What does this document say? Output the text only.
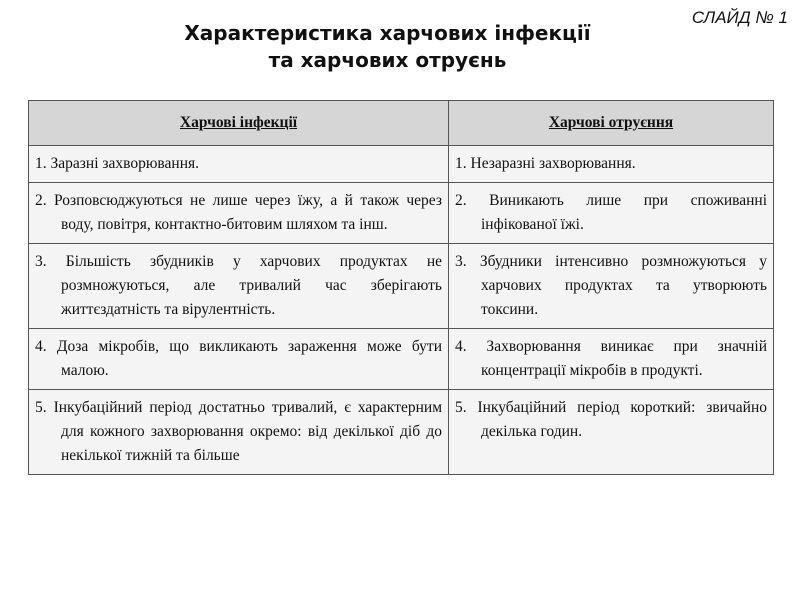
СЛАЙД № 1
Характеристика харчових інфекції
та харчових отруєнь
Харчові інфекції	Харчові отруєння

1. Заразні захворювання.	1. Незаразні захворювання.

2. Розповсюджуються не лише через їжу, а й також через воду, повітря, контактно-битовим шляхом та інш.	2. Виникають лише при споживанні інфікованої їжі.

3. Більшість збудників у харчових продуктах не розмножуються, але тривалий час зберігають життєздатність та вірулентність.	3. Збудники інтенсивно розмножуються у харчових продуктах та утворюють токсини.

4. Доза мікробів, що викликають зараження може бути малою.	4. Захворювання виникає при значній концентрації мікробів в продукті.

5. Інкубаційний період достатньо тривалий, є характерним для кожного захворювання окремо: від декілької діб до некілької тижній та більше	5. Інкубаційний період короткий: звичайно декілька годин.
